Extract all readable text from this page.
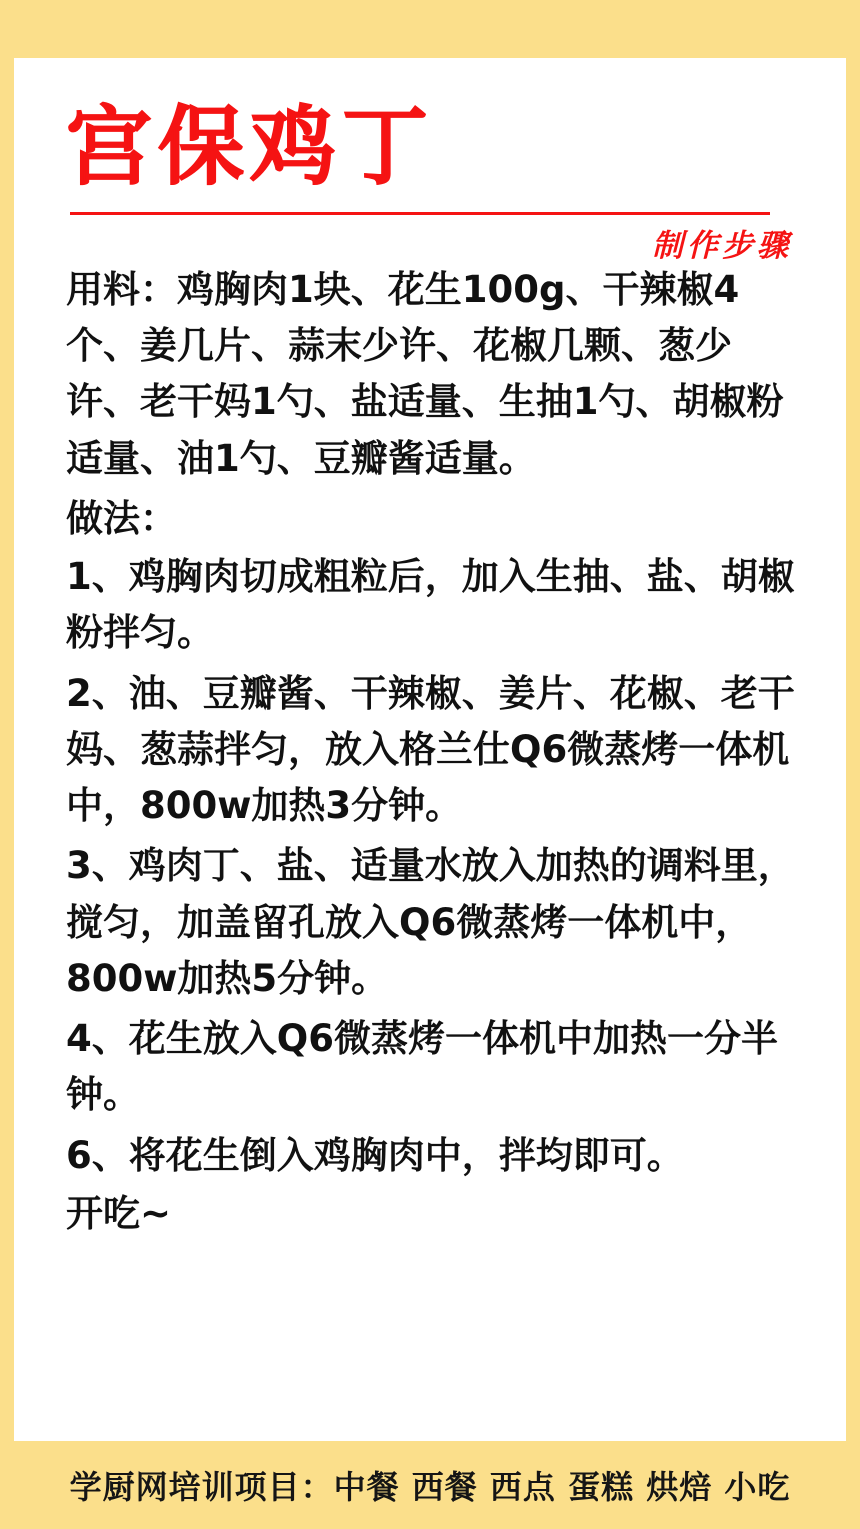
宫保鸡丁
制作步骤

用料：鸡胸肉1块、花生100g、干辣椒4个、姜几片、蒜末少许、花椒几颗、葱少许、老干妈1勺、盐适量、生抽1勺、胡椒粉适量、油1勺、豆瓣酱适量。

做法：

1、鸡胸肉切成粗粒后，加入生抽、盐、胡椒粉拌匀。

2、油、豆瓣酱、干辣椒、姜片、花椒、老干妈、葱蒜拌匀，放入格兰仕Q6微蒸烤一体机中，800w加热3分钟。

3、鸡肉丁、盐、适量水放入加热的调料里，搅匀，加盖留孔放入Q6微蒸烤一体机中，800w加热5分钟。

4、花生放入Q6微蒸烤一体机中加热一分半钟。

6、将花生倒入鸡胸肉中，拌均即可。

开吃~

学厨网培训项目：中餐 西餐 西点 蛋糕 烘焙 小吃
